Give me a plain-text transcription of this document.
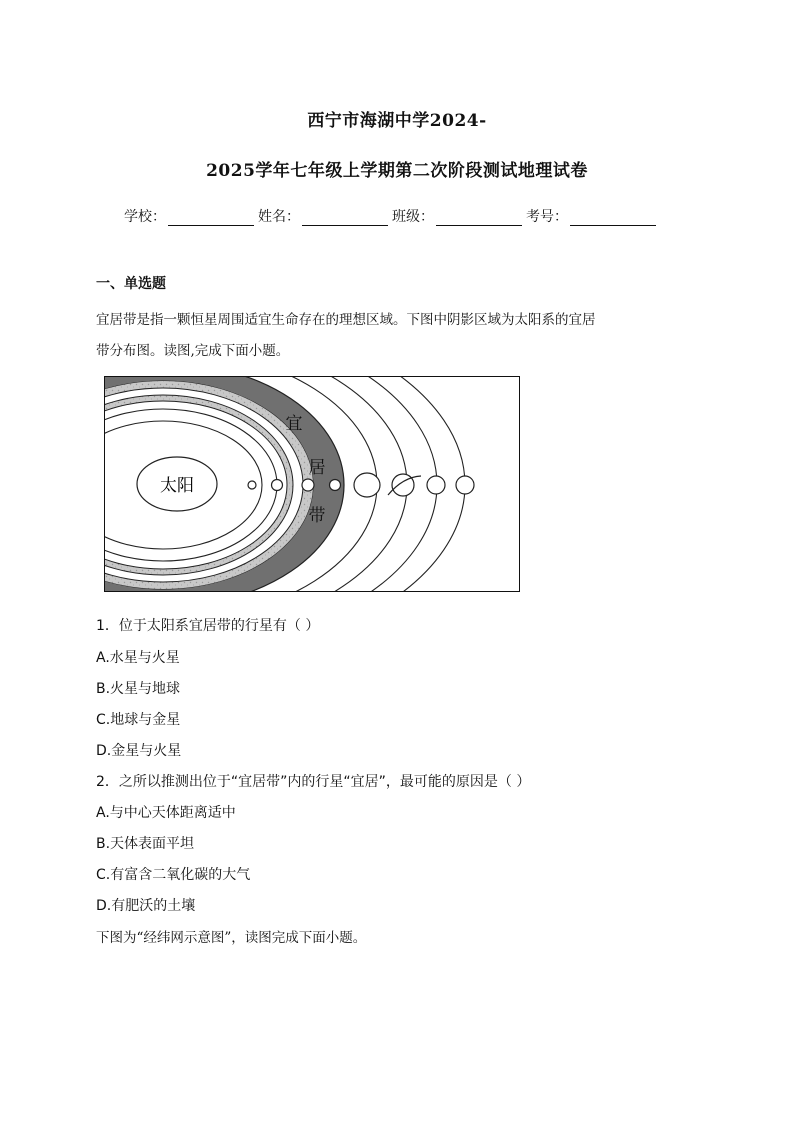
西宁市海湖中学2024-
2025学年七年级上学期第二次阶段测试地理试卷
学校：	姓名：	班级：	考号：
一、单选题
宜居带是指一颗恒星周围适宜生命存在的理想区域。下图中阴影区域为太阳系的宜居
带分布图。读图,完成下面小题。
太阳
宜
居
带
1．位于太阳系宜居带的行星有（ ）
A.水星与火星
B.火星与地球
C.地球与金星
D.金星与火星
2．之所以推测出位于“宜居带”内的行星“宜居”，最可能的原因是（ ）
A.与中心天体距离适中
B.天体表面平坦
C.有富含二氧化碳的大气
D.有肥沃的土壤
下图为“经纬网示意图”，读图完成下面小题。
